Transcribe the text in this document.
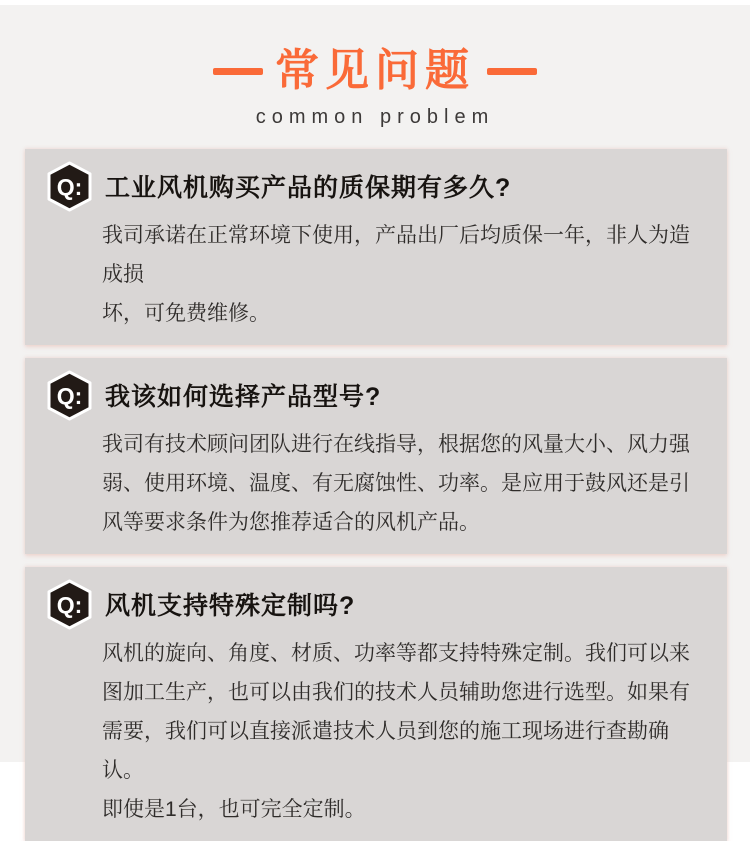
常见问题
common problem
Q: 工业风机购买产品的质保期有多久?
我司承诺在正常环境下使用，产品出厂后均质保一年，非人为造成损
坏，可免费维修。
Q: 我该如何选择产品型号?
我司有技术顾问团队进行在线指导，根据您的风量大小、风力强
弱、使用环境、温度、有无腐蚀性、功率。是应用于鼓风还是引
风等要求条件为您推荐适合的风机产品。
Q: 风机支持特殊定制吗?
风机的旋向、角度、材质、功率等都支持特殊定制。我们可以来
图加工生产，也可以由我们的技术人员辅助您进行选型。如果有
需要，我们可以直接派遣技术人员到您的施工现场进行查勘确认。
即使是1台，也可完全定制。
